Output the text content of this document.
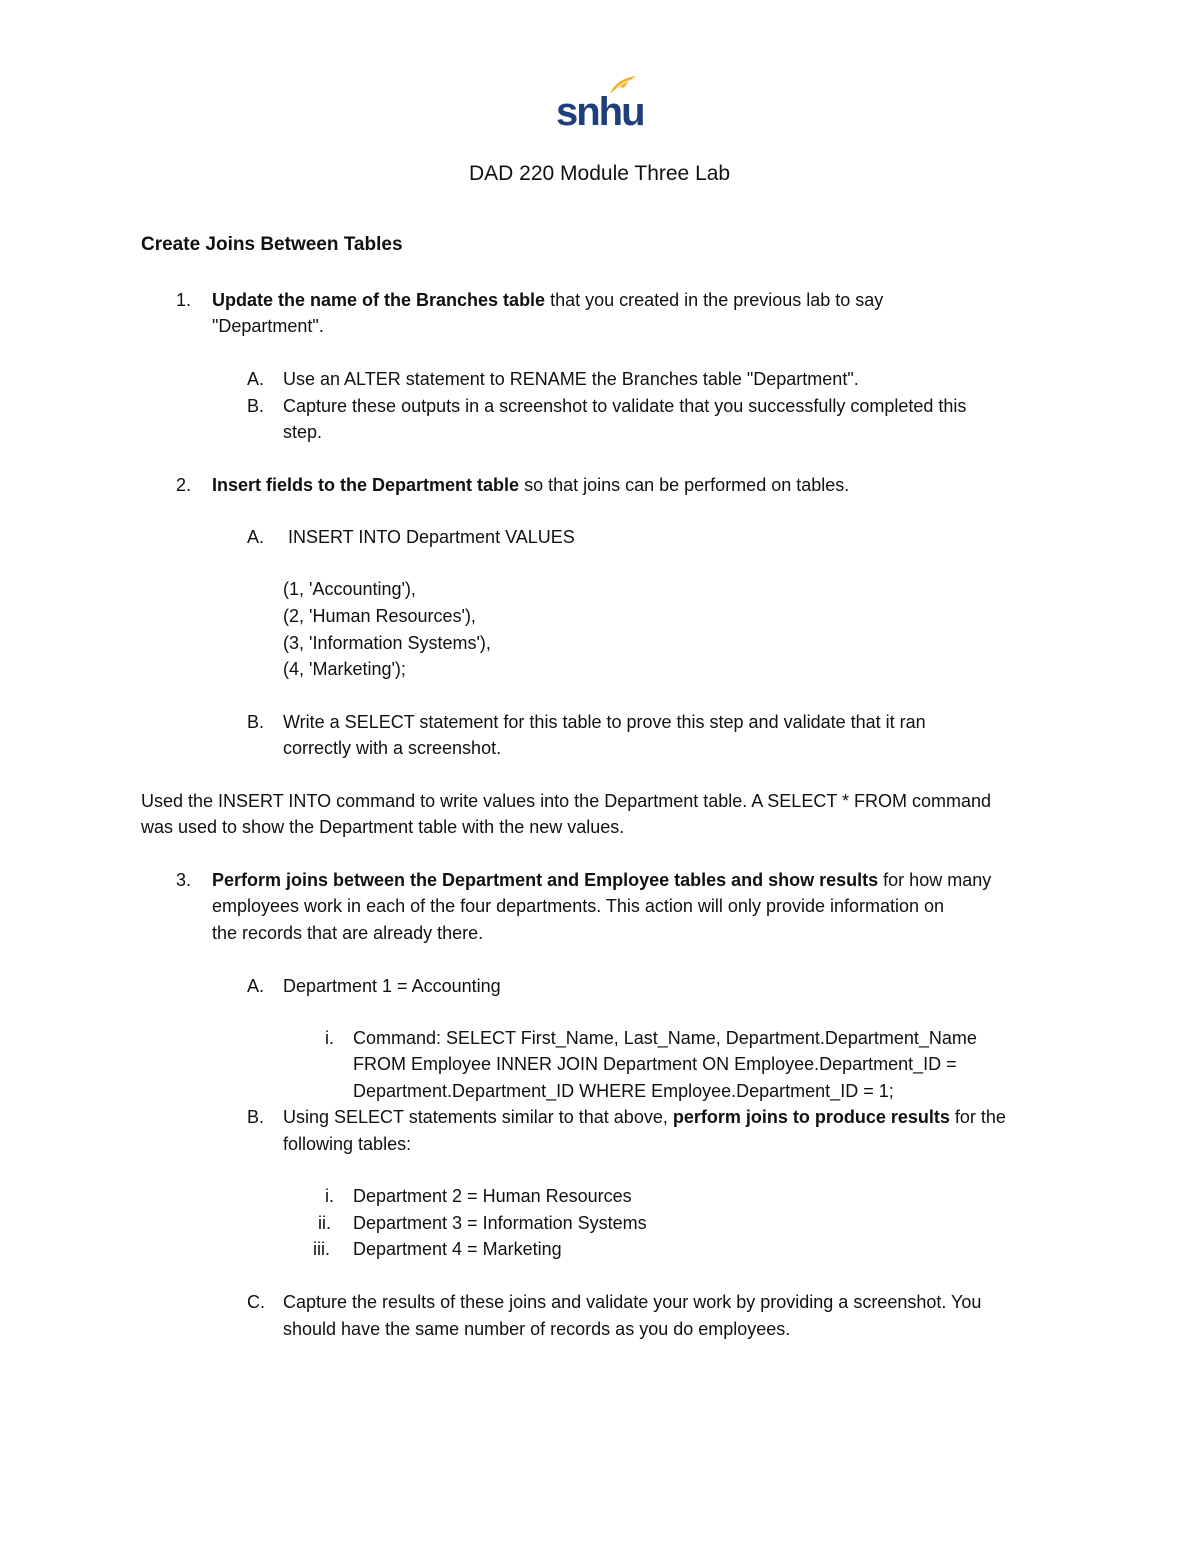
snhu
DAD 220 Module Three Lab
Create Joins Between Tables
1. Update the name of the Branches table that you created in the previous lab to say
"Department".
A. Use an ALTER statement to RENAME the Branches table "Department".
B. Capture these outputs in a screenshot to validate that you successfully completed this
step.
2. Insert fields to the Department table so that joins can be performed on tables.
A. INSERT INTO Department VALUES
(1, 'Accounting'),
(2, 'Human Resources'),
(3, 'Information Systems'),
(4, 'Marketing');
B. Write a SELECT statement for this table to prove this step and validate that it ran
correctly with a screenshot.
Used the INSERT INTO command to write values into the Department table. A SELECT * FROM command
was used to show the Department table with the new values.
3. Perform joins between the Department and Employee tables and show results for how many
employees work in each of the four departments. This action will only provide information on
the records that are already there.
A. Department 1 = Accounting
i. Command: SELECT First_Name, Last_Name, Department.Department_Name
FROM Employee INNER JOIN Department ON Employee.Department_ID =
Department.Department_ID WHERE Employee.Department_ID = 1;
B. Using SELECT statements similar to that above, perform joins to produce results for the
following tables:
i. Department 2 = Human Resources
ii. Department 3 = Information Systems
iii. Department 4 = Marketing
C. Capture the results of these joins and validate your work by providing a screenshot. You
should have the same number of records as you do employees.
